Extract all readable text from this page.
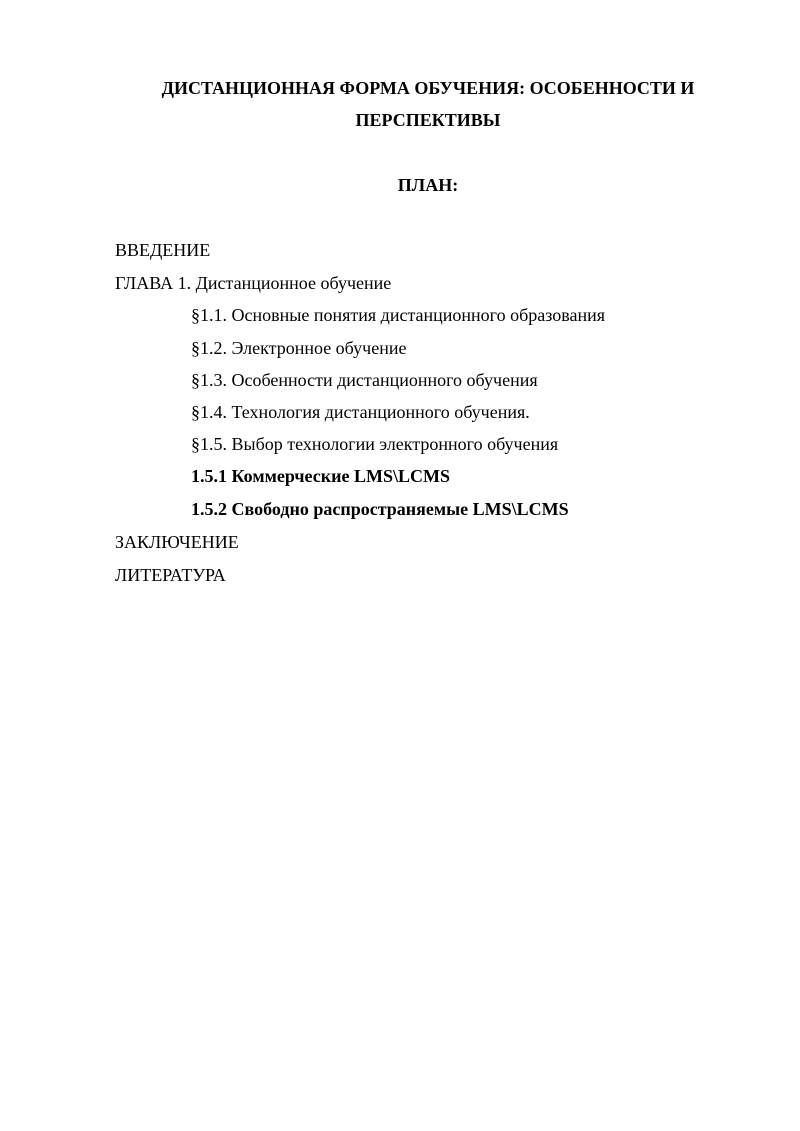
ДИСТАНЦИОННАЯ ФОРМА ОБУЧЕНИЯ: ОСОБЕННОСТИ И
ПЕРСПЕКТИВЫ
ПЛАН:
ВВЕДЕНИЕ
ГЛАВА 1. Дистанционное обучение
§1.1. Основные понятия дистанционного образования
§1.2. Электронное обучение
§1.3. Особенности дистанционного обучения
§1.4. Технология дистанционного обучения.
§1.5. Выбор технологии электронного обучения
1.5.1 Коммерческие LMS\LCMS
1.5.2 Свободно распространяемые LMS\LCMS
ЗАКЛЮЧЕНИЕ
ЛИТЕРАТУРА
